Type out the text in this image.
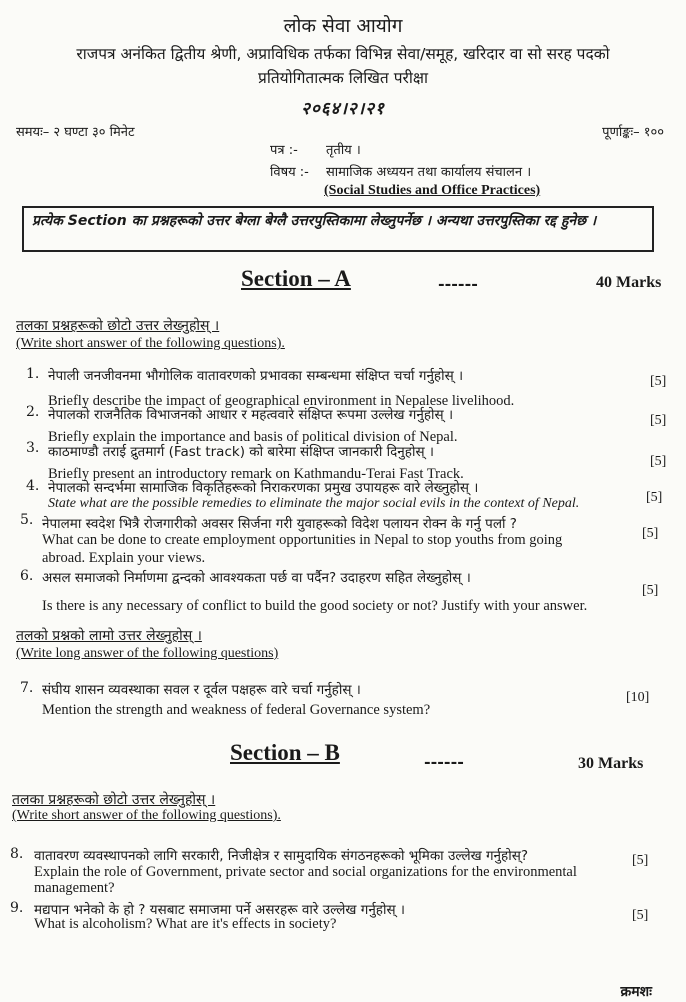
लोक सेवा आयोग
राजपत्र अनंकित द्वितीय श्रेणी, अप्राविधिक तर्फका विभिन्न सेवा/समूह, खरिदार वा सो सरह पदको
प्रतियोगितात्मक लिखित परीक्षा
२०६४।२।२१
समयः– २ घण्टा ३० मिनेट	पूर्णाङ्कः– १००
पत्र :- तृतीय ।
विषय :- सामाजिक अध्ययन तथा कार्यालय संचालन ।
(Social Studies and Office Practices)
प्रत्येक Section का प्रश्नहरूको उत्तर बेग्ला बेग्लै उत्तरपुस्तिकामा लेख्नुपर्नेछ । अन्यथा उत्तरपुस्तिका रद्द हुनेछ ।
Section – A	------	40 Marks
तलका प्रश्नहरूको छोटो उत्तर लेख्नुहोस् ।
(Write short answer of the following questions).
1. नेपाली जनजीवनमा भौगोलिक वातावरणको प्रभावका सम्बन्धमा संक्षिप्त चर्चा गर्नुहोस् ।	[5]
Briefly describe the impact of geographical environment in Nepalese livelihood.
2. नेपालको राजनैतिक विभाजनको आधार र महत्ववारे संक्षिप्त रूपमा उल्लेख गर्नुहोस् ।	[5]
Briefly explain the importance and basis of political division of Nepal.
3. काठमाण्डौ तराई द्रुतमार्ग (Fast track) को बारेमा संक्षिप्त जानकारी दिनुहोस् ।
[5]
Briefly present an introductory remark on Kathmandu-Terai Fast Track.
4. नेपालको सन्दर्भमा सामाजिक विकृतिहरूको निराकरणका प्रमुख उपायहरू वारे लेख्नुहोस् ।
[5]
State what are the possible remedies to eliminate the major social evils in the context of Nepal.
5. नेपालमा स्वदेश भित्रै रोजगारीको अवसर सिर्जना गरी युवाहरूको विदेश पलायन रोक्न के गर्नु पर्ला ?
[5]
What can be done to create employment opportunities in Nepal to stop youths from going
abroad. Explain your views.
6. असल समाजको निर्माणमा द्वन्दको आवश्यकता पर्छ वा पर्दैन? उदाहरण सहित लेख्नुहोस् ।
[5]
Is there is any necessary of conflict to build the good society or not? Justify with your answer.
तलको प्रश्नको लामो उत्तर लेख्नुहोस् ।
(Write long answer of the following questions)
7. संघीय शासन व्यवस्थाका सवल र दूर्वल पक्षहरू वारे चर्चा गर्नुहोस् ।	[10]
Mention the strength and weakness of federal Governance system?
Section – B	------	30 Marks
तलका प्रश्नहरूको छोटो उत्तर लेख्नुहोस् ।
(Write short answer of the following questions).
8. वातावरण व्यवस्थापनको लागि सरकारी, निजीक्षेत्र र सामुदायिक संगठनहरूको भूमिका उल्लेख गर्नुहोस्?	[5]
Explain the role of Government, private sector and social organizations for the environmental
management?
9. मद्यपान भनेको के हो ? यसबाट समाजमा पर्ने असरहरू वारे उल्लेख गर्नुहोस् ।	[5]
What is alcoholism? What are it's effects in society?
क्रमशः
